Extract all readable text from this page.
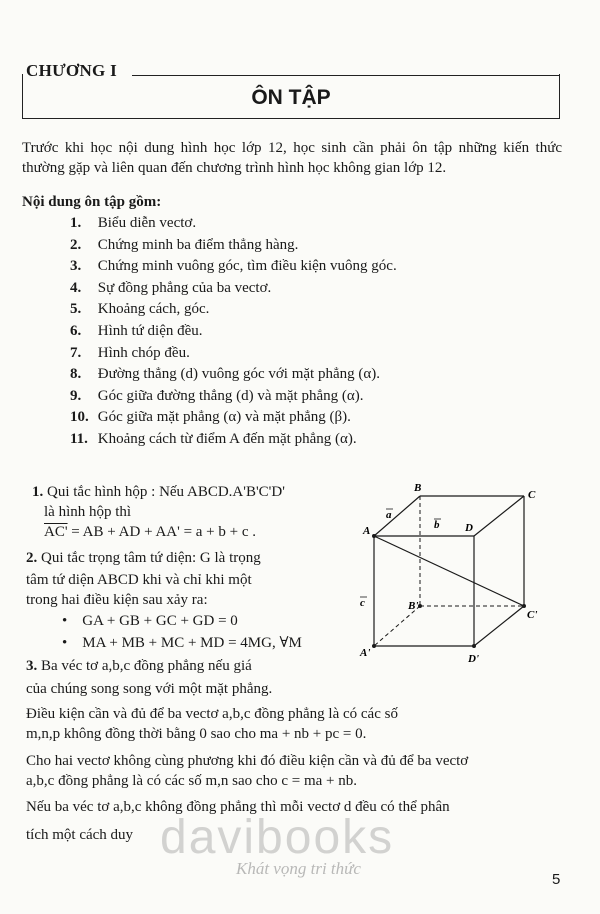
CHƯƠNG I
ÔN TẬP
Trước khi học nội dung hình học lớp 12, học sinh cần phải ôn tập những kiến thức thường gặp và liên quan đến chương trình hình học không gian lớp 12.
Nội dung ôn tập gồm:
1. Biểu diễn vectơ.
2. Chứng minh ba điểm thẳng hàng.
3. Chứng minh vuông góc, tìm điều kiện vuông góc.
4. Sự đồng phẳng của ba vectơ.
5. Khoảng cách, góc.
6. Hình tứ diện đều.
7. Hình chóp đều.
8. Đường thẳng (d) vuông góc với mặt phẳng (α).
9. Góc giữa đường thẳng (d) và mặt phẳng (α).
10. Góc giữa mặt phẳng (α) và mặt phẳng (β).
11. Khoảng cách từ điểm A đến mặt phẳng (α).
1. Qui tắc hình hộp : Nếu ABCD.A'B'C'D'
là hình hộp thì
AC' = AB + AD + AA' = a + b + c .
2. Qui tắc trọng tâm tứ diện: G là trọng
tâm tứ diện ABCD khi và chỉ khi một
trong hai điều kiện sau xảy ra:
•    GA + GB + GC + GD = 0
•    MA + MB + MC + MD = 4MG, ∀M
3. Ba véc tơ a,b,c đồng phẳng nếu giá
của chúng song song với một mặt phẳng.
Điều kiện cần và đủ để ba vectơ a,b,c đồng phẳng là có các số
m,n,p không đồng thời bằng 0 sao cho ma + nb + pc = 0.
Cho hai vectơ không cùng phương khi đó điều kiện cần và đủ để ba vectơ
a,b,c đồng phẳng là có các số m,n sao cho c = ma + nb.
Nếu ba véc tơ a,b,c không đồng phẳng thì mỗi vectơ d đều có thể phân
tích một cách duy
A
B
C
D
A'
B'
C'
D'
a
b
c
davibooks
Khát vọng tri thức
5
